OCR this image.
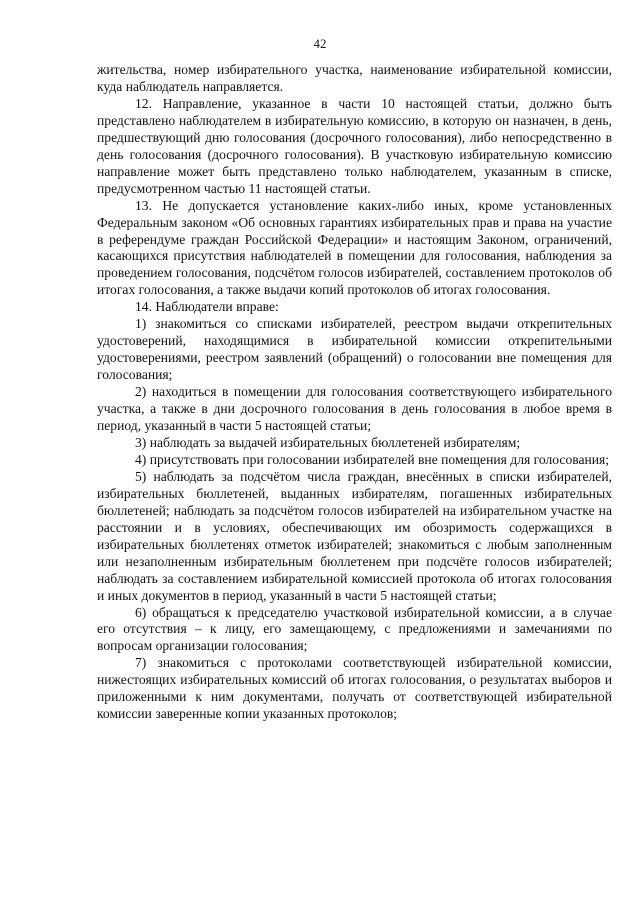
42

жительства, номер избирательного участка, наименование избирательной комиссии, куда наблюдатель направляется.

12. Направление, указанное в части 10 настоящей статьи, должно быть представлено наблюдателем в избирательную комиссию, в которую он назначен, в день, предшествующий дню голосования (досрочного голосования), либо непосредственно в день голосования (досрочного голосования). В участковую избирательную комиссию направление может быть представлено только наблюдателем, указанным в списке, предусмотренном частью 11 настоящей статьи.

13. Не допускается установление каких-либо иных, кроме установленных Федеральным законом «Об основных гарантиях избирательных прав и права на участие в референдуме граждан Российской Федерации» и настоящим Законом, ограничений, касающихся присутствия наблюдателей в помещении для голосования, наблюдения за проведением голосования, подсчётом голосов избирателей, составлением протоколов об итогах голосования, а также выдачи копий протоколов об итогах голосования.

14. Наблюдатели вправе:

1) знакомиться со списками избирателей, реестром выдачи открепительных удостоверений, находящимися в избирательной комиссии открепительными удостоверениями, реестром заявлений (обращений) о голосовании вне помещения для голосования;

2) находиться в помещении для голосования соответствующего избирательного участка, а также в дни досрочного голосования в день голосования в любое время в период, указанный в части 5 настоящей статьи;

3) наблюдать за выдачей избирательных бюллетеней избирателям;

4) присутствовать при голосовании избирателей вне помещения для голосования;

5) наблюдать за подсчётом числа граждан, внесённых в списки избирателей, избирательных бюллетеней, выданных избирателям, погашенных избирательных бюллетеней; наблюдать за подсчётом голосов избирателей на избирательном участке на расстоянии и в условиях, обеспечивающих им обозримость содержащихся в избирательных бюллетенях отметок избирателей; знакомиться с любым заполненным или незаполненным избирательным бюллетенем при подсчёте голосов избирателей; наблюдать за составлением избирательной комиссией протокола об итогах голосования и иных документов в период, указанный в части 5 настоящей статьи;

6) обращаться к председателю участковой избирательной комиссии, а в случае его отсутствия – к лицу, его замещающему, с предложениями и замечаниями по вопросам организации голосования;

7) знакомиться с протоколами соответствующей избирательной комиссии, нижестоящих избирательных комиссий об итогах голосования, о результатах выборов и приложенными к ним документами, получать от соответствующей избирательной комиссии заверенные копии указанных протоколов;
